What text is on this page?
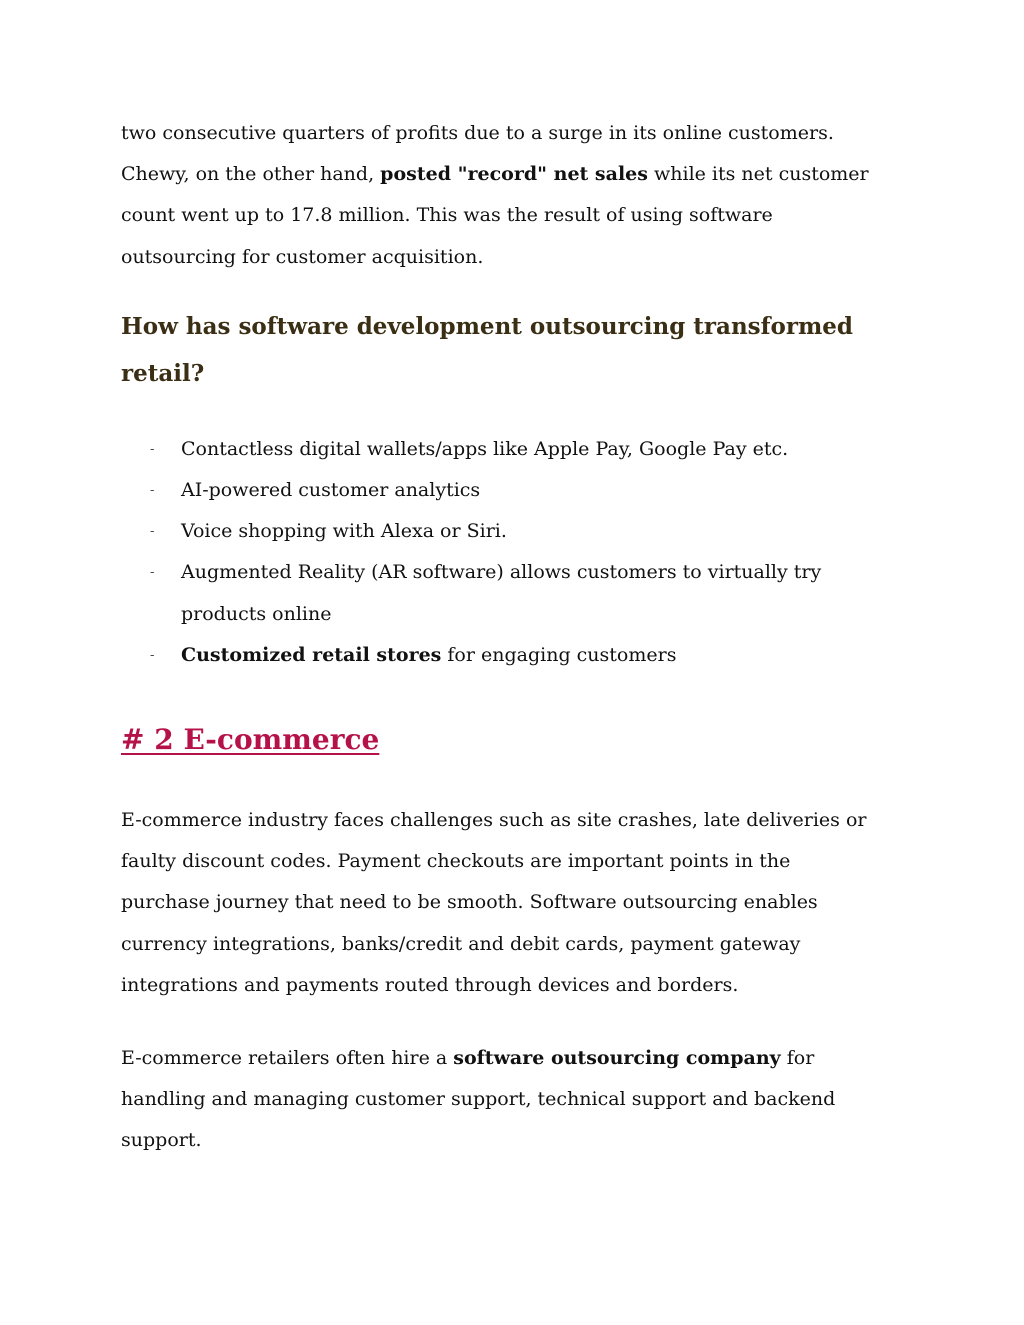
two consecutive quarters of profits due to a surge in its online customers.
Chewy, on the other hand, posted "record" net sales while its net customer
count went up to 17.8 million. This was the result of using software
outsourcing for customer acquisition.

How has software development outsourcing transformed
retail?
- Contactless digital wallets/apps like Apple Pay, Google Pay etc.
- AI-powered customer analytics
- Voice shopping with Alexa or Siri.
- Augmented Reality (AR software) allows customers to virtually try
products online
- Customized retail stores for engaging customers
# 2 E-commerce

E-commerce industry faces challenges such as site crashes, late deliveries or
faulty discount codes. Payment checkouts are important points in the
purchase journey that need to be smooth. Software outsourcing enables
currency integrations, banks/credit and debit cards, payment gateway
integrations and payments routed through devices and borders.

E-commerce retailers often hire a software outsourcing company for
handling and managing customer support, technical support and backend
support.
